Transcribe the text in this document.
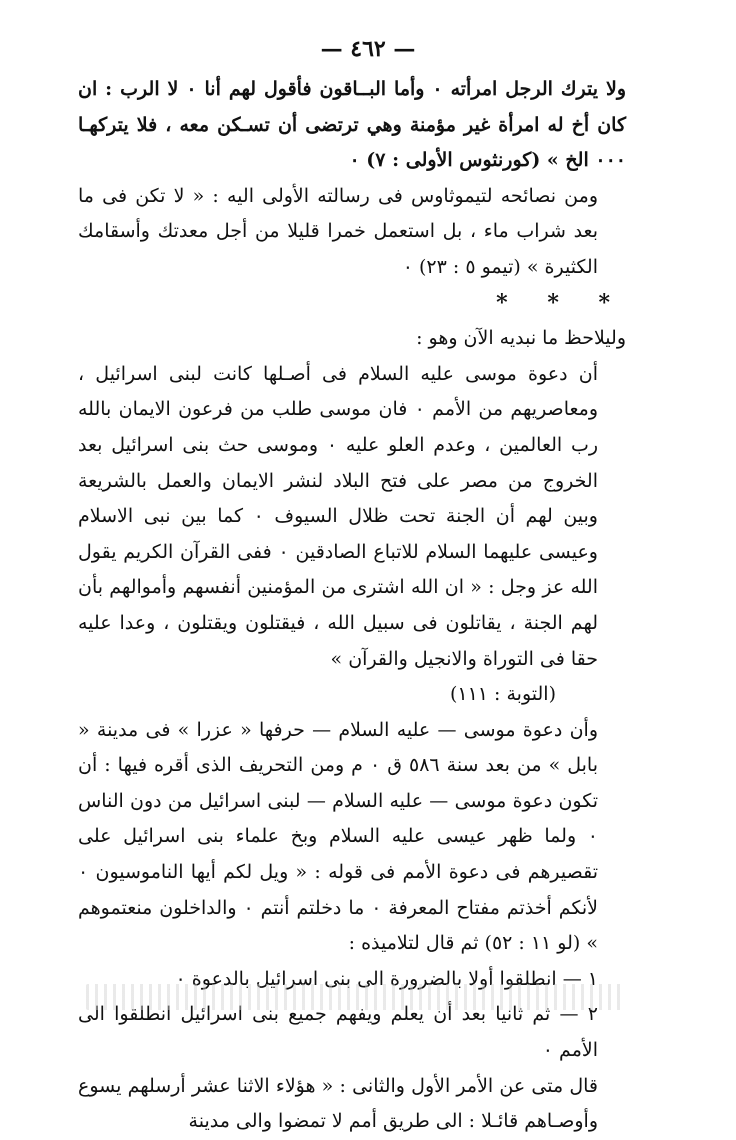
— ٤٦٢ —

ولا يترك الرجل امرأته ٠ وأما البــاقون فأقول لهم أنا ٠ لا الرب : ان كان أخ له امرأة غير مؤمنة وهي ترتضى أن تسـكن معه ، فلا يتركهـا ٠٠٠ الخ » (كورنثوس الأولى : ٧) ٠

ومن نصائحه لتيموثاوس فى رسالته الأولى اليه : « لا تكن فى ما بعد شراب ماء ، بل استعمل خمرا قليلا من أجل معدتك وأسقامك الكثيرة » (تيمو ٥ : ٢٣) ٠

* * *

وليلاحظ ما نبديه الآن وهو :

أن دعوة موسى عليه السلام فى أصـلها كانت لبنى اسرائيل ، ومعاصريهم من الأمم ٠ فان موسى طلب من فرعون الايمان بالله رب العالمين ، وعدم العلو عليه ٠ وموسى حث بنى اسرائيل بعد الخروج من مصر على فتح البلاد لنشر الايمان والعمل بالشريعة وبين لهم أن الجنة تحت ظلال السيوف ٠ كما بين نبى الاسلام وعيسى عليهما السلام للاتباع الصادقين ٠ ففى القرآن الكريم يقول الله عز وجل : « ان الله اشترى من المؤمنين أنفسهم وأموالهم بأن لهم الجنة ، يقاتلون فى سبيل الله ، فيقتلون ويقتلون ، وعدا عليه حقا فى التوراة والانجيل والقرآن »

(التوبة : ١١١)

وأن دعوة موسى — عليه السلام — حرفها « عزرا » فى مدينة « بابل » من بعد سنة ٥٨٦ ق ٠ م ومن التحريف الذى أقره فيها : أن تكون دعوة موسى — عليه السلام — لبنى اسرائيل من دون الناس ٠ ولما ظهر عيسى عليه السلام وبخ علماء بنى اسرائيل على تقصيرهم فى دعوة الأمم فى قوله : « ويل لكم أيها الناموسيون ٠ لأنكم أخذتم مفتاح المعرفة ٠ ما دخلتم أنتم ٠ والداخلون منعتموهم » (لو ١١ : ٥٢) ثم قال لتلاميذه :

١ — انطلقوا أولا بالضرورة الى بنى اسرائيل بالدعوة ٠

٢ — ثم ثانيا بعد أن يعلم ويفهم جميع بنى اسرائيل انطلقوا الى الأمم ٠

قال متى عن الأمر الأول والثانى : « هؤلاء الاثنا عشر أرسلهم يسوع وأوصـاهم قائـلا : الى طريق أمم لا تمضوا والى مدينة
